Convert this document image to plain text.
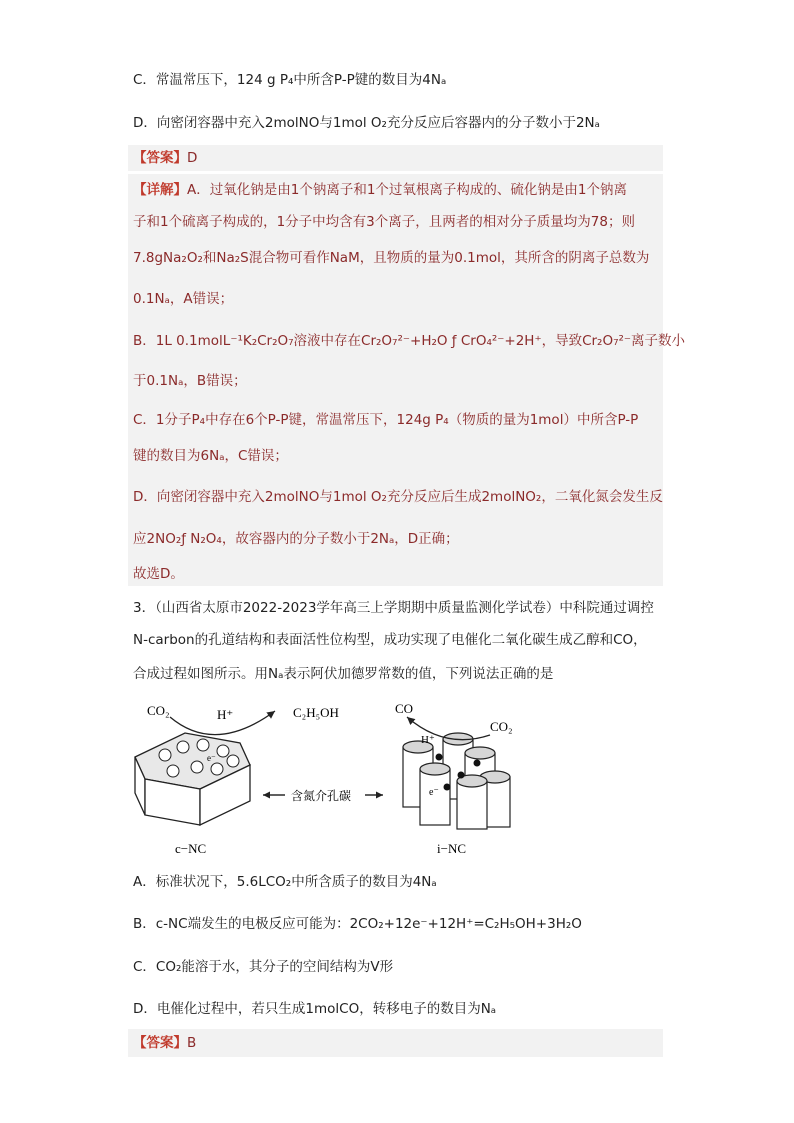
C．常温常压下，124 g P₄中所含P-P键的数目为4Nₐ
D．向密闭容器中充入2molNO与1mol O₂充分反应后容器内的分子数小于2Nₐ
【答案】D
【详解】A．过氧化钠是由1个钠离子和1个过氧根离子构成的、硫化钠是由1个钠离
子和1个硫离子构成的，1分子中均含有3个离子，且两者的相对分子质量均为78；则
7.8gNa₂O₂和Na₂S混合物可看作NaM，且物质的量为0.1mol，其所含的阴离子总数为
0.1Nₐ，A错误；
B．1L 0.1molL⁻¹K₂Cr₂O₇溶液中存在Cr₂O₇²⁻+H₂O ƒ CrO₄²⁻+2H⁺，导致Cr₂O₇²⁻离子数小
于0.1Nₐ，B错误；
C．1分子P₄中存在6个P-P键，常温常压下，124g P₄（物质的量为1mol）中所含P-P
键的数目为6Nₐ，C错误；
D．向密闭容器中充入2molNO与1mol O₂充分反应后生成2molNO₂，二氧化氮会发生反
应2NO₂ƒ N₂O₄，故容器内的分子数小于2Nₐ，D正确；
故选D。
3．（山西省太原市2022-2023学年高三上学期期中质量监测化学试卷）中科院通过调控
N-carbon的孔道结构和表面活性位构型，成功实现了电催化二氧化碳生成乙醇和CO，
合成过程如图所示。用Nₐ表示阿伏加德罗常数的值，下列说法正确的是
e⁻
CO₂	H⁺	C₂H₅OH
含氮介孔碳	e⁻
CO
H⁺
CO₂
c−NC	i−NC
A．标准状况下，5.6LCO₂中所含质子的数目为4Nₐ
B．c-NC端发生的电极反应可能为：2CO₂+12e⁻+12H⁺=C₂H₅OH+3H₂O
C．CO₂能溶于水，其分子的空间结构为V形
D．电催化过程中，若只生成1molCO，转移电子的数目为Nₐ
【答案】B
